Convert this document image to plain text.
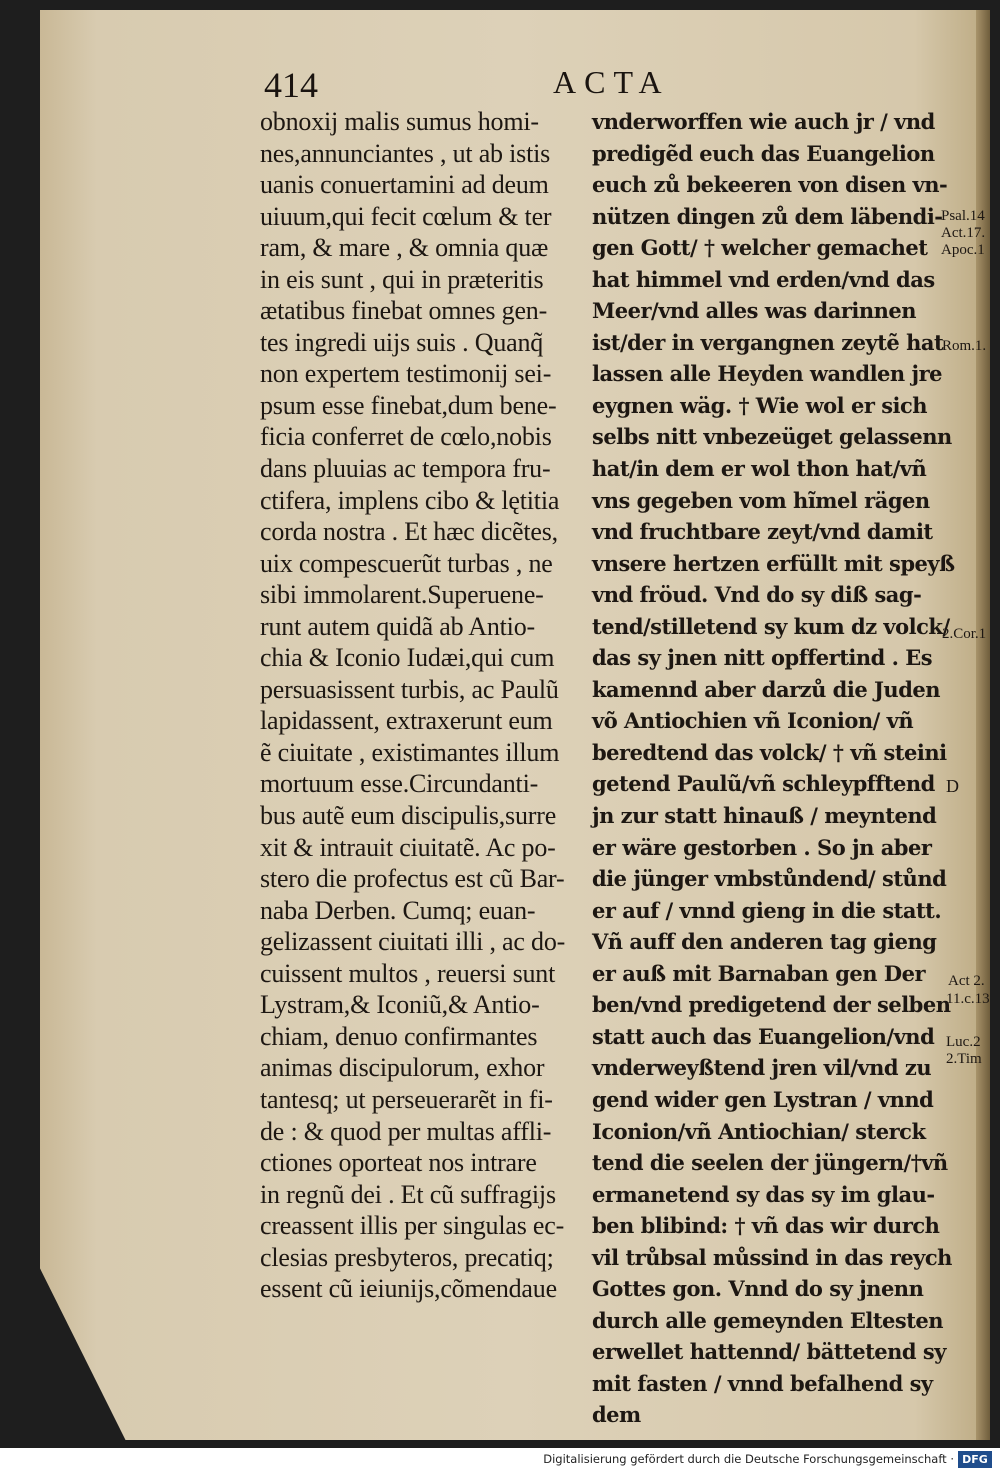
414	ACTA
obnoxij malis sumus homi-
nes,annunciantes , ut ab istis
uanis conuertamini ad deum
uiuum,qui fecit cœlum & ter
ram, & mare , & omnia quæ
in eis sunt , qui in præteritis
ætatibus finebat omnes gen-
tes ingredi uijs suis . Quanq̃
non expertem testimonij sei-
psum esse finebat,dum bene-
ficia conferret de cœlo,nobis
dans pluuias ac tempora fru-
ctifera, implens cibo & lętitia
corda nostra . Et hæc dicẽtes,
uix compescuerũt turbas , ne
sibi immolarent.Superuene-
runt autem quidã ab Antio-
chia & Iconio Iudæi,qui cum
persuasissent turbis, ac Paulũ
lapidassent, extraxerunt eum
ẽ ciuitate , existimantes illum
mortuum esse.Circundanti-
bus autẽ eum discipulis,surre
xit & intrauit ciuitatẽ. Ac po-
stero die profectus est cũ Bar-
naba Derben. Cumq; euan-
gelizassent ciuitati illi , ac do-
cuissent multos , reuersi sunt
Lystram,& Iconiũ,& Antio-
chiam, denuo confirmantes
animas discipulorum, exhor
tantesq; ut perseuerarẽt in fi-
de : & quod per multas affli-
ctiones oporteat nos intrare
in regnũ dei . Et cũ suffragijs
creassent illis per singulas ec-
clesias presbyteros, precatiq;
essent cũ ieiunijs,cõmendaue
vnderworffen wie auch jr / vnd
predigẽd euch das Euangelion
euch zů bekeeren von disen vn-
nützen dingen zů dem läbendi-
gen Gott/ † welcher gemachet
hat himmel vnd erden/vnd das
Meer/vnd alles was darinnen
ist/der in vergangnen zeytẽ hat
lassen alle Heyden wandlen jre
eygnen wäg. † Wie wol er sich
selbs nitt vnbezeüget gelassenn
hat/in dem er wol thon hat/vñ
vns gegeben vom hĩmel rägen
vnd fruchtbare zeyt/vnd damit
vnsere hertzen erfüllt mit speyß
vnd fröud. Vnd do sy diß sag-
tend/stilletend sy kum dz volck/
das sy jnen nitt opffertind . Es
kamennd aber darzů die Juden
võ Antiochien vñ Iconion/ vñ
beredtend das volck/ † vñ steini
getend Paulũ/vñ schleypfftend
jn zur statt hinauß / meyntend
er wäre gestorben . So jn aber
die jünger vmbstůndend/ stůnd
er auf / vnnd gieng in die statt.
Vñ auff den anderen tag gieng
er auß mit Barnaban gen Der
ben/vnd predigetend der selben
statt auch das Euangelion/vnd
vnderweyßtend jren vil/vnd zu
gend wider gen Lystran / vnnd
Iconion/vñ Antiochian/ sterck
tend die seelen der jüngern/†vñ
ermanetend sy das sy im glau-
ben blibind: † vñ das wir durch
vil trůbsal můssind in das reych
Gottes gon. Vnnd do sy jnenn
durch alle gemeynden Eltesten
erwellet hattennd/ bättetend sy
mit fasten / vnnd befalhend sy
dem
Psal.14
Act.17.
Apoc.1
Rom.1.
2.Cor.1
D
Act 2.
11.c.13
Luc.2
2.Tim
Digitalisierung gefördert durch die Deutsche Forschungsgemeinschaft · DFG
